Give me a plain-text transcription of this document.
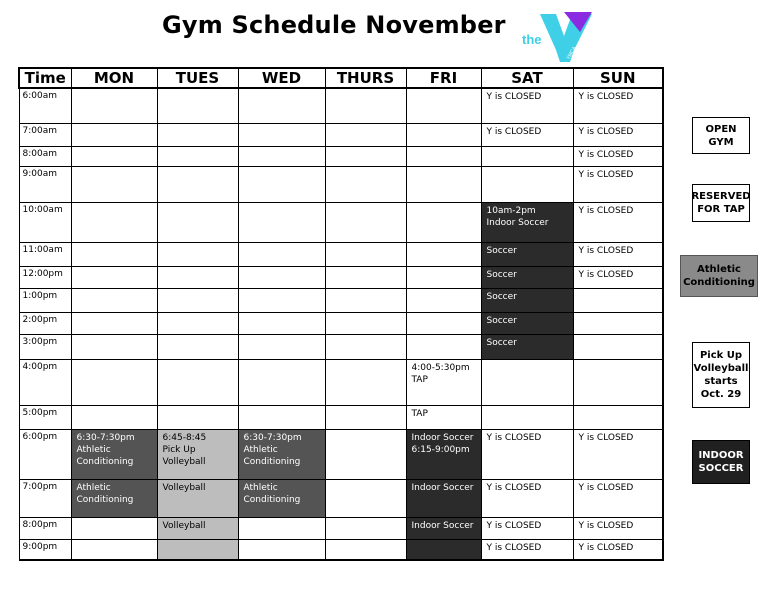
Gym Schedule November
the
YMCA
Time	MON	TUES	WED	THURS	FRI	SAT	SUN
6:00am						Y is CLOSED	Y is CLOSED

7:00am						Y is CLOSED	Y is CLOSED

8:00am							Y is CLOSED

9:00am							Y is CLOSED

10:00am						10am-2pm
Indoor Soccer	Y is CLOSED

11:00am						Soccer	Y is CLOSED

12:00pm						Soccer	Y is CLOSED

1:00pm						Soccer	

2:00pm						Soccer	

3:00pm						Soccer	

4:00pm					4:00-5:30pm
TAP		

5:00pm					TAP		

6:00pm	6:30-7:30pm
Athletic
Conditioning	6:45-8:45
Pick Up
Volleyball	6:30-7:30pm
Athletic
Conditioning		Indoor Soccer
6:15-9:00pm	Y is CLOSED	Y is CLOSED

7:00pm	Athletic
Conditioning	Volleyball	Athletic
Conditioning		Indoor Soccer	Y is CLOSED	Y is CLOSED

8:00pm		Volleyball			Indoor Soccer	Y is CLOSED	Y is CLOSED

9:00pm						Y is CLOSED	Y is CLOSED
OPEN
GYM
RESERVED
FOR TAP
Athletic
Conditioning
Pick Up
Volleyball
starts
Oct. 29
INDOOR
SOCCER
